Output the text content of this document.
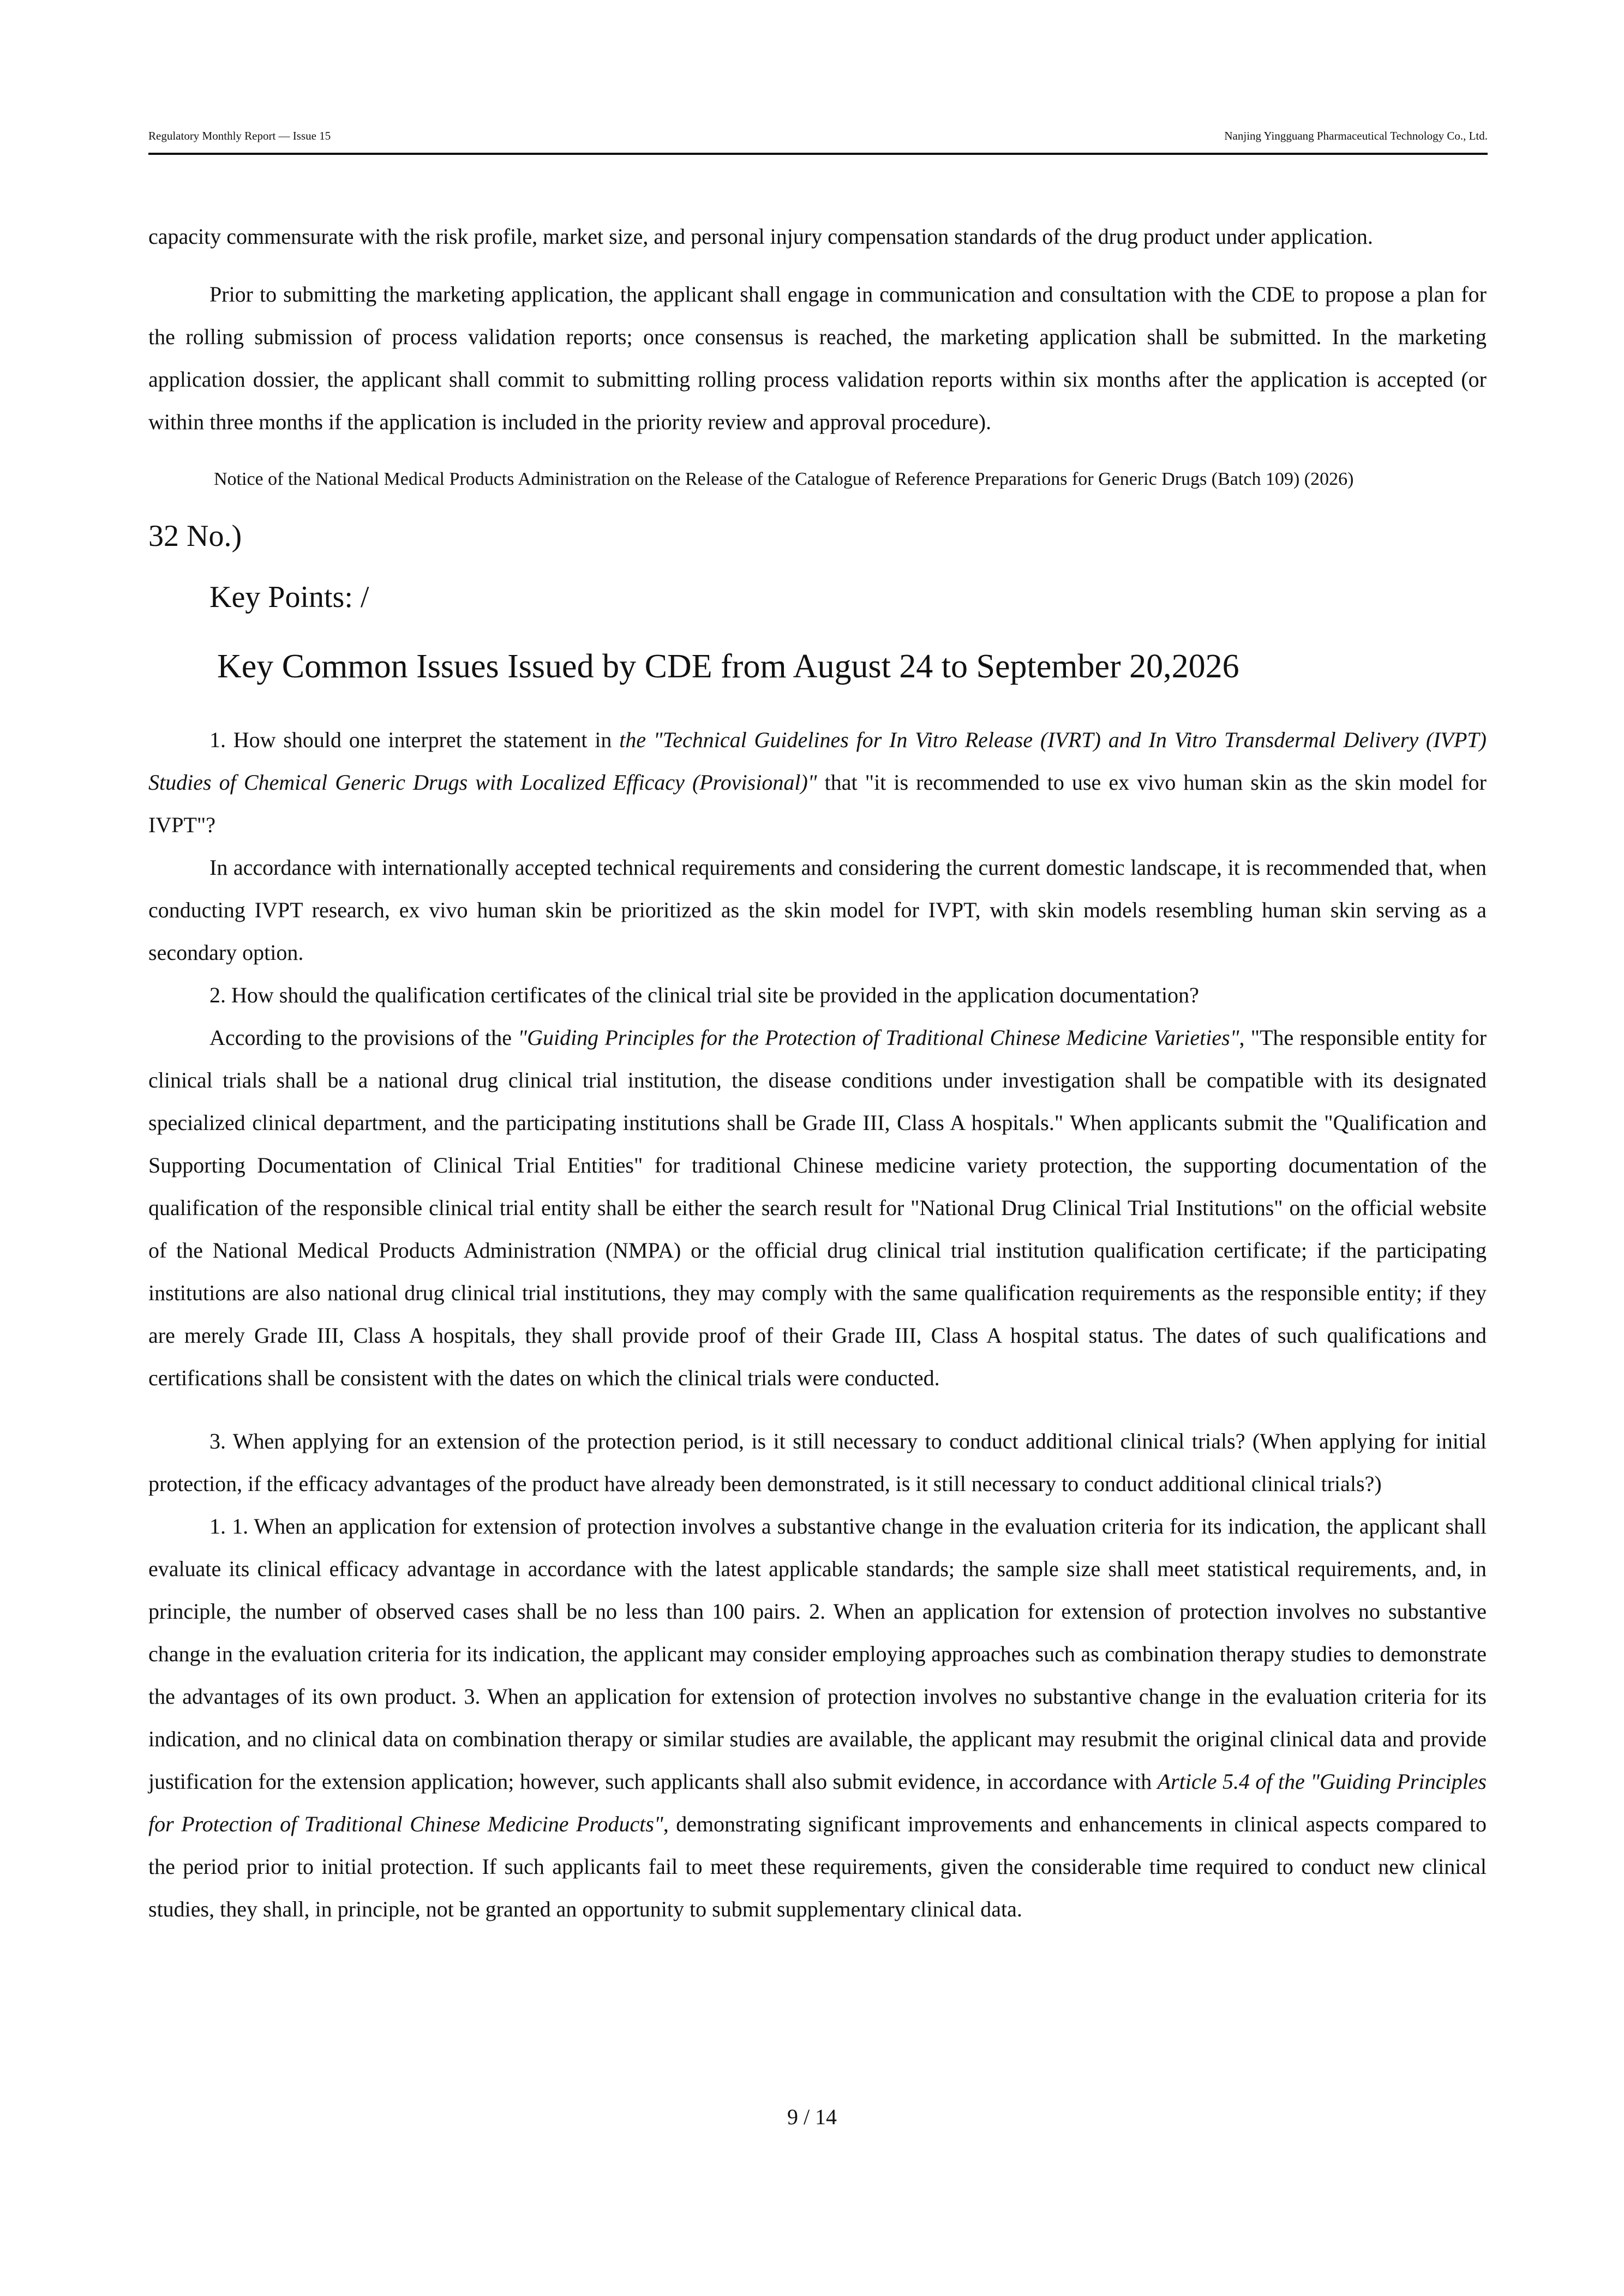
Regulatory Monthly Report — Issue 15	Nanjing Yingguang Pharmaceutical Technology Co., Ltd.

capacity commensurate with the risk profile, market size, and personal injury compensation standards of the drug product under application.

Prior to submitting the marketing application, the applicant shall engage in communication and consultation with the CDE to propose a plan for the rolling submission of process validation reports; once consensus is reached, the marketing application shall be submitted. In the marketing application dossier, the applicant shall commit to submitting rolling process validation reports within six months after the application is accepted (or within three months if the application is included in the priority review and approval procedure).

Notice of the National Medical Products Administration on the Release of the Catalogue of Reference Preparations for Generic Drugs (Batch 109) (2026)

32 No.)

Key Points: /

Key Common Issues Issued by CDE from August 24 to September 20,2026

1. How should one interpret the statement in the "Technical Guidelines for In Vitro Release (IVRT) and In Vitro Transdermal Delivery (IVPT) Studies of Chemical Generic Drugs with Localized Efficacy (Provisional)" that "it is recommended to use ex vivo human skin as the skin model for IVPT"?

In accordance with internationally accepted technical requirements and considering the current domestic landscape, it is recommended that, when conducting IVPT research, ex vivo human skin be prioritized as the skin model for IVPT, with skin models resembling human skin serving as a secondary option.

2. How should the qualification certificates of the clinical trial site be provided in the application documentation?

According to the provisions of the "Guiding Principles for the Protection of Traditional Chinese Medicine Varieties", "The responsible entity for clinical trials shall be a national drug clinical trial institution, the disease conditions under investigation shall be compatible with its designated specialized clinical department, and the participating institutions shall be Grade III, Class A hospitals." When applicants submit the "Qualification and Supporting Documentation of Clinical Trial Entities" for traditional Chinese medicine variety protection, the supporting documentation of the qualification of the responsible clinical trial entity shall be either the search result for "National Drug Clinical Trial Institutions" on the official website of the National Medical Products Administration (NMPA) or the official drug clinical trial institution qualification certificate; if the participating institutions are also national drug clinical trial institutions, they may comply with the same qualification requirements as the responsible entity; if they are merely Grade III, Class A hospitals, they shall provide proof of their Grade III, Class A hospital status. The dates of such qualifications and certifications shall be consistent with the dates on which the clinical trials were conducted.

3. When applying for an extension of the protection period, is it still necessary to conduct additional clinical trials? (When applying for initial protection, if the efficacy advantages of the product have already been demonstrated, is it still necessary to conduct additional clinical trials?)

1. 1. When an application for extension of protection involves a substantive change in the evaluation criteria for its indication, the applicant shall evaluate its clinical efficacy advantage in accordance with the latest applicable standards; the sample size shall meet statistical requirements, and, in principle, the number of observed cases shall be no less than 100 pairs. 2. When an application for extension of protection involves no substantive change in the evaluation criteria for its indication, the applicant may consider employing approaches such as combination therapy studies to demonstrate the advantages of its own product. 3. When an application for extension of protection involves no substantive change in the evaluation criteria for its indication, and no clinical data on combination therapy or similar studies are available, the applicant may resubmit the original clinical data and provide justification for the extension application; however, such applicants shall also submit evidence, in accordance with Article 5.4 of the "Guiding Principles for Protection of Traditional Chinese Medicine Products", demonstrating significant improvements and enhancements in clinical aspects compared to the period prior to initial protection. If such applicants fail to meet these requirements, given the considerable time required to conduct new clinical studies, they shall, in principle, not be granted an opportunity to submit supplementary clinical data.

9 / 14
